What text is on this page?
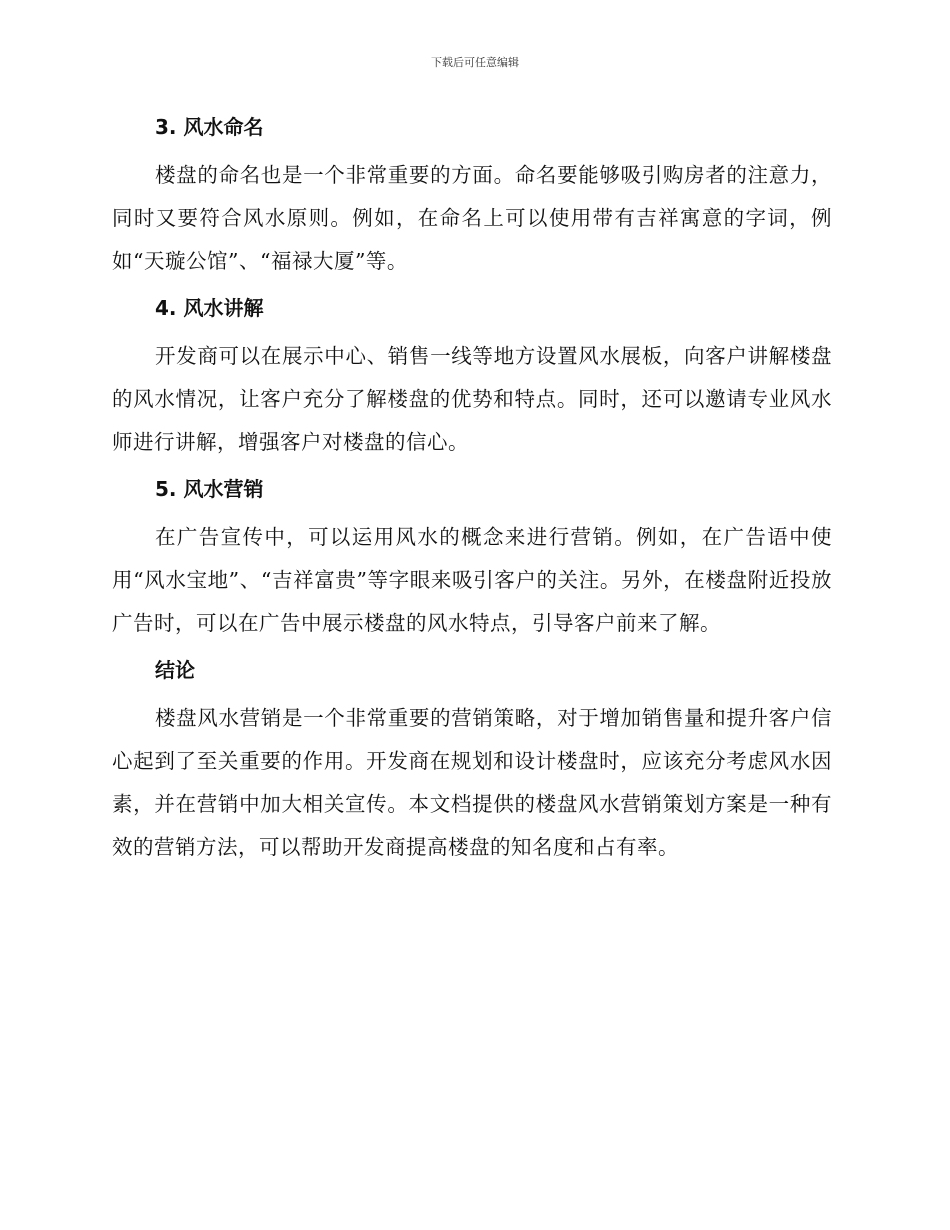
下载后可任意编辑
3. 风水命名

楼盘的命名也是一个非常重要的方面。命名要能够吸引购房者的注意力，同时又要符合风水原则。例如，在命名上可以使用带有吉祥寓意的字词，例如“天璇公馆”、“福禄大厦”等。

4. 风水讲解

开发商可以在展示中心、销售一线等地方设置风水展板，向客户讲解楼盘的风水情况，让客户充分了解楼盘的优势和特点。同时，还可以邀请专业风水师进行讲解，增强客户对楼盘的信心。

5. 风水营销

在广告宣传中，可以运用风水的概念来进行营销。例如，在广告语中使用“风水宝地”、“吉祥富贵”等字眼来吸引客户的关注。另外，在楼盘附近投放广告时，可以在广告中展示楼盘的风水特点，引导客户前来了解。

结论

楼盘风水营销是一个非常重要的营销策略，对于增加销售量和提升客户信心起到了至关重要的作用。开发商在规划和设计楼盘时，应该充分考虑风水因素，并在营销中加大相关宣传。本文档提供的楼盘风水营销策划方案是一种有效的营销方法，可以帮助开发商提高楼盘的知名度和占有率。
